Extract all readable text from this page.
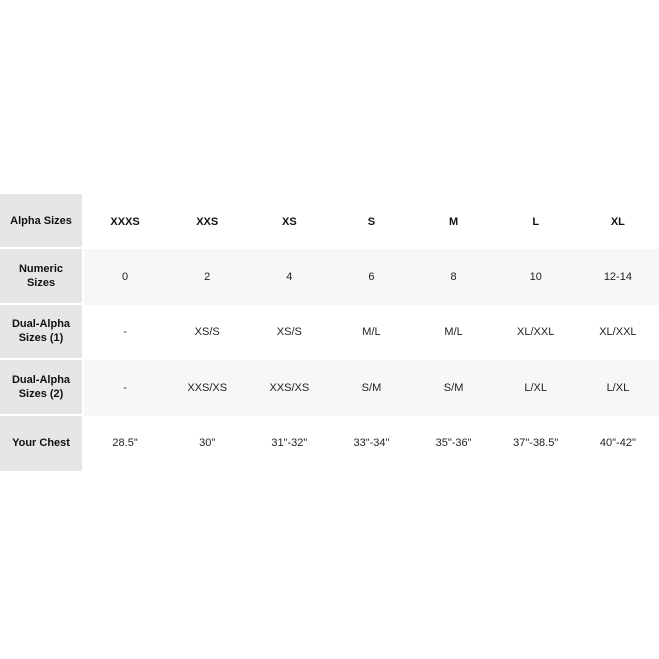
Alpha Sizes	XXXS	XXS	XS	S	M	L	XL
Numeric Sizes	0	2	4	6	8	10	12-14
Dual-Alpha Sizes (1)	-	XS/S	XS/S	M/L	M/L	XL/XXL	XL/XXL
Dual-Alpha Sizes (2)	-	XXS/XS	XXS/XS	S/M	S/M	L/XL	L/XL
Your Chest	28.5"	30"	31"-32"	33"-34"	35"-36"	37"-38.5"	40"-42"
